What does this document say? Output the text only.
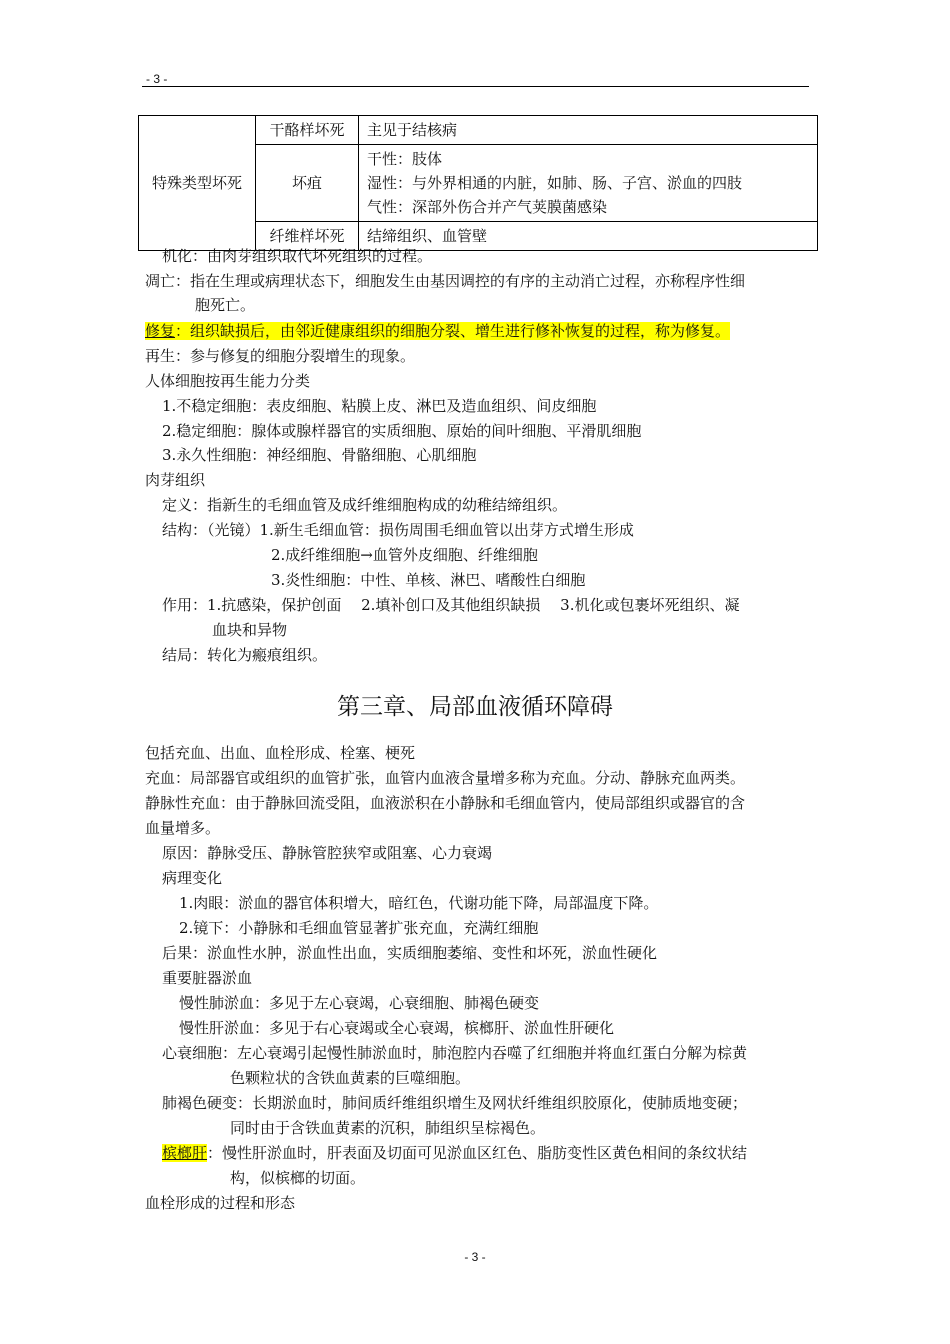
- 3 -
特殊类型坏死	干酪样坏死	主见于结核病

	坏疽	干性：肢体
湿性：与外界相通的内脏，如肺、肠、子宫、淤血的四肢
气性：深部外伤合并产气荚膜菌感染

	纤维样坏死	结缔组织、血管壁
机化：由肉芽组织取代坏死组织的过程。
凋亡：指在生理或病理状态下，细胞发生由基因调控的有序的主动消亡过程，亦称程序性细
胞死亡。
修复：组织缺损后，由邻近健康组织的细胞分裂、增生进行修补恢复的过程，称为修复。
再生：参与修复的细胞分裂增生的现象。
人体细胞按再生能力分类
1.不稳定细胞：表皮细胞、粘膜上皮、淋巴及造血组织、间皮细胞
2.稳定细胞：腺体或腺样器官的实质细胞、原始的间叶细胞、平滑肌细胞
3.永久性细胞：神经细胞、骨骼细胞、心肌细胞
肉芽组织
定义：指新生的毛细血管及成纤维细胞构成的幼稚结缔组织。
结构：（光镜）1.新生毛细血管：损伤周围毛细血管以出芽方式增生形成
2.成纤维细胞→血管外皮细胞、纤维细胞
3.炎性细胞：中性、单核、淋巴、嗜酸性白细胞
作用：1.抗感染，保护创面　 2.填补创口及其他组织缺损　 3.机化或包裹坏死组织、凝
血块和异物
结局：转化为瘢痕组织。
第三章、局部血液循环障碍
包括充血、出血、血栓形成、栓塞、梗死
充血：局部器官或组织的血管扩张，血管内血液含量增多称为充血。分动、静脉充血两类。
静脉性充血：由于静脉回流受阻，血液淤积在小静脉和毛细血管内，使局部组织或器官的含
血量增多。
原因：静脉受压、静脉管腔狭窄或阻塞、心力衰竭
病理变化
1.肉眼：淤血的器官体积增大，暗红色，代谢功能下降，局部温度下降。
2.镜下：小静脉和毛细血管显著扩张充血，充满红细胞
后果：淤血性水肿，淤血性出血，实质细胞萎缩、变性和坏死，淤血性硬化
重要脏器淤血
慢性肺淤血：多见于左心衰竭，心衰细胞、肺褐色硬变
慢性肝淤血：多见于右心衰竭或全心衰竭，槟榔肝、淤血性肝硬化
心衰细胞：左心衰竭引起慢性肺淤血时，肺泡腔内吞噬了红细胞并将血红蛋白分解为棕黄
色颗粒状的含铁血黄素的巨噬细胞。
肺褐色硬变：长期淤血时，肺间质纤维组织增生及网状纤维组织胶原化，使肺质地变硬；
同时由于含铁血黄素的沉积，肺组织呈棕褐色。
槟榔肝：慢性肝淤血时，肝表面及切面可见淤血区红色、脂肪变性区黄色相间的条纹状结
构，似槟榔的切面。
血栓形成的过程和形态
- 3 -
